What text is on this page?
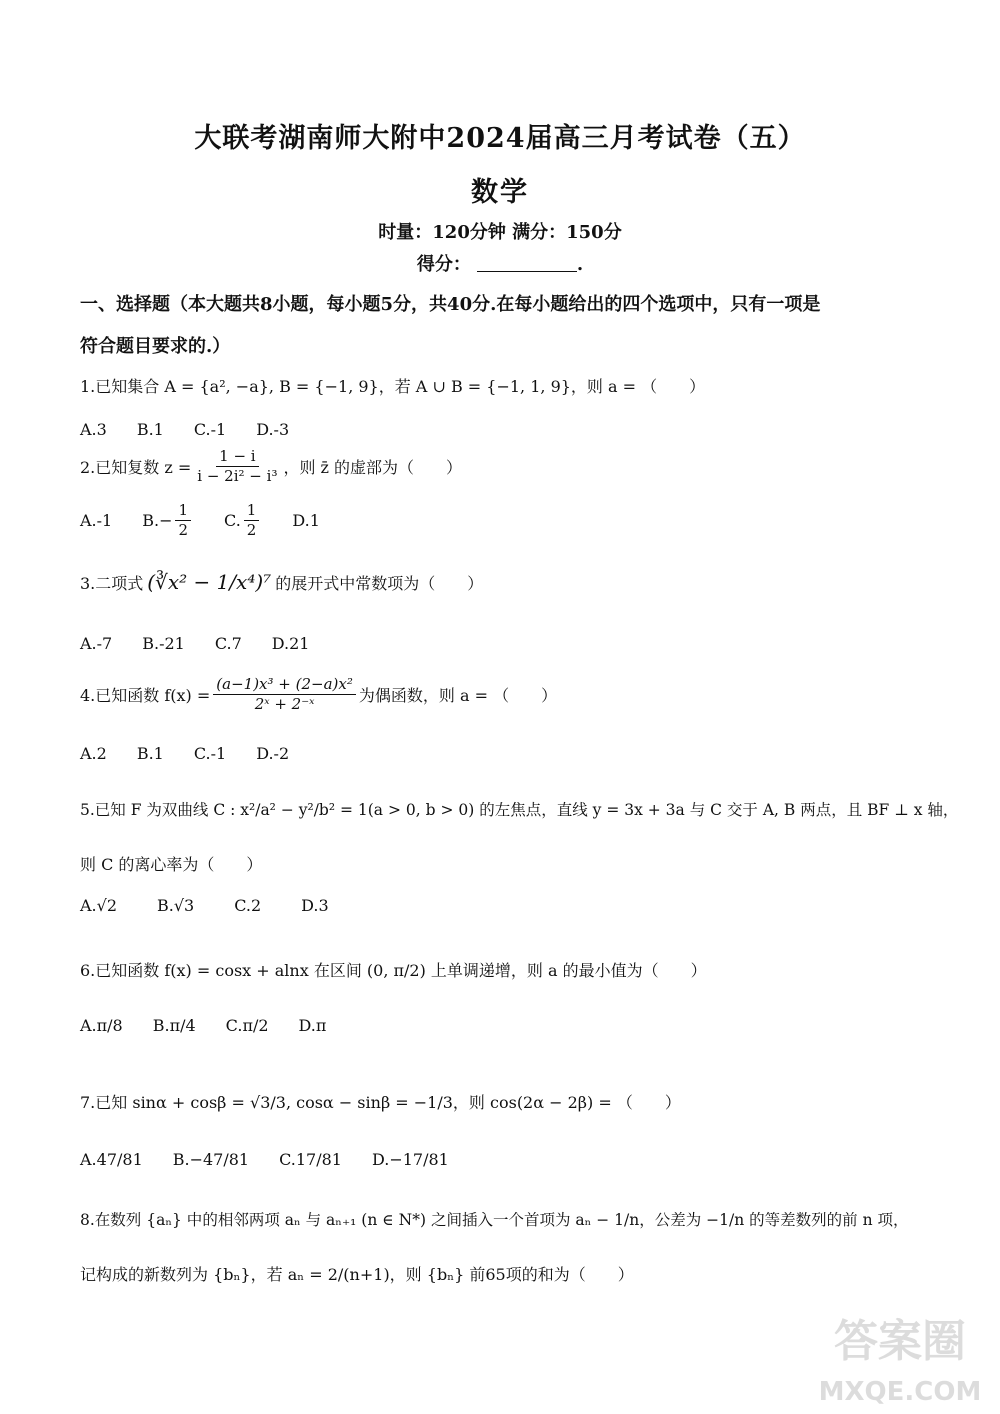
大联考湖南师大附中2024届高三月考试卷（五）
数学
时量：120分钟 满分：150分
得分：	.
一、选择题（本大题共8小题，每小题5分，共40分.在每小题给出的四个选项中，只有一项是
符合题目要求的.）
1.已知集合 A = {a², −a}, B = {−1, 9}，若 A ∪ B = {−1, 1, 9}，则 a = （　　）
A.3 B.1 C.-1 D.-3
2.已知复数 $z = \frac{1 - i}{\text{i − 2i² − i³}}$ ，则 z̄ 的虚部为（　　）
A.-1 $B.- \frac{1}{2} C$. $\frac{1}{2} D.1$
3.二项式 (∛x² − 1/x⁴)⁷ 的展开式中常数项为（　　）
A.-7 B.-21 C.7 D.21
4.已知函数 $f(x) = \frac{\text{(a−1)x³ + (2−a)x²}}{\text{2ˣ + 2⁻ˣ}}$ 为偶函数，则 a = （　　）
A.2 B.1 C.-1 D.-2
5.已知 F 为双曲线 C : x²/a² − y²/b² = 1(a > 0, b > 0) 的左焦点，直线 y = 3x + 3a 与 C 交于 A, B 两点，且 BF ⊥ x 轴，
则 C 的离心率为（　　）
A.√2	B.√3	C.2	D.3
6.已知函数 f(x) = cosx + alnx 在区间 (0, π/2) 上单调递增，则 a 的最小值为（　　）
A. π/8 B. π/4 C. π/2 D.π
7.已知 sinα + cosβ = √3/3, cosα − sinβ = −1/3，则 cos(2α − 2β) = （　　）
A. 47/81 B.− 47/81 C. 17/81 D.− 17/81
8.在数列 {aₙ} 中的相邻两项 aₙ 与 aₙ₊₁ (n ∈ N*) 之间插入一个首项为 aₙ − 1/n，公差为 −1/n 的等差数列的前 n 项，
记构成的新数列为 {bₙ}，若 aₙ = 2/(n+1)，则 {bₙ} 前65项的和为（　　）
答案圈
MXQE.COM
